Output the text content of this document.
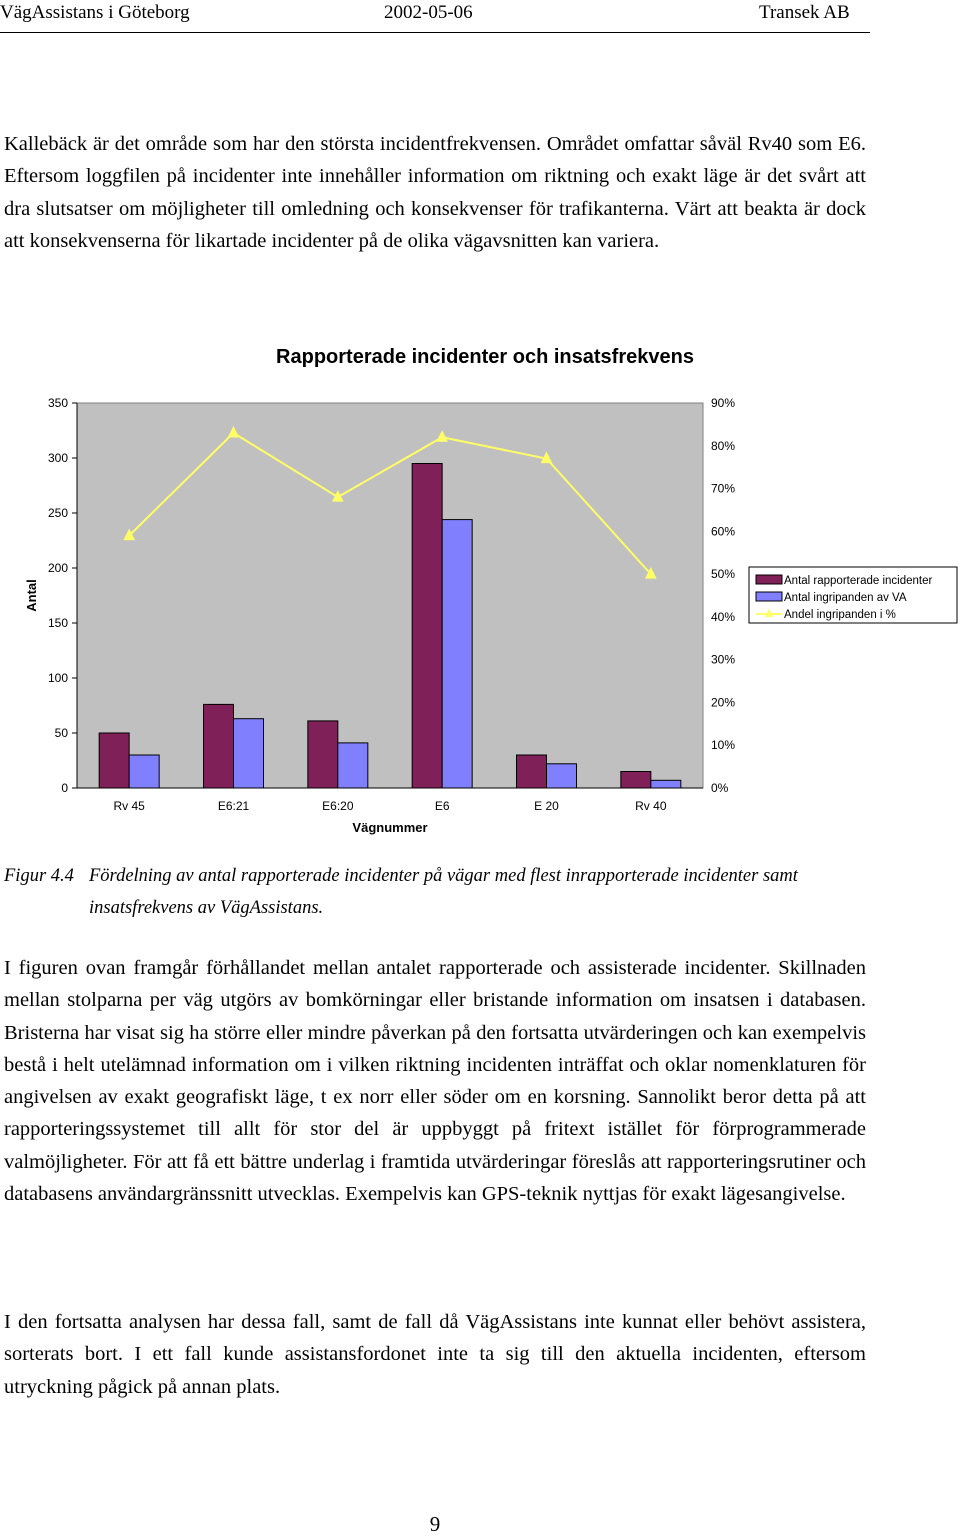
VägAssistans i Göteborg	2002-05-06	Transek AB

Kallebäck är det område som har den största incidentfrekvensen. Området omfattar såväl Rv40 som E6. Eftersom loggfilen på incidenter inte innehåller information om riktning och exakt läge är det svårt att dra slutsatser om möjligheter till omledning och konsekvenser för trafikanterna. Värt att beakta är dock att konsekvenserna för likartade incidenter på de olika vägavsnitten kan variera.

Rapporterade incidenter och insatsfrekvens
0
50
100
150
200
250
300
350
0%
10%
20%
30%
40%
50%
60%
70%
80%
90%
Antal
Rv 45	E6:21	E6:20	E6	E 20	Rv 40
Vägnummer
Antal rapporterade incidenter
Antal ingripanden av VA
Andel ingripanden i %
Figur 4.4 Fördelning av antal rapporterade incidenter på vägar med flest inrapporterade incidenter samt insatsfrekvens av VägAssistans.

I figuren ovan framgår förhållandet mellan antalet rapporterade och assisterade incidenter. Skillnaden mellan stolparna per väg utgörs av bomkörningar eller bristande information om insatsen i databasen. Bristerna har visat sig ha större eller mindre påverkan på den fortsatta utvärderingen och kan exempelvis bestå i helt utelämnad information om i vilken riktning incidenten inträffat och oklar nomenklaturen för angivelsen av exakt geografiskt läge, t ex norr eller söder om en korsning. Sannolikt beror detta på att rapporteringssystemet till allt för stor del är uppbyggt på fritext istället för förprogrammerade valmöjligheter. För att få ett bättre underlag i framtida utvärderingar föreslås att rapporteringsrutiner och databasens användargränssnitt utvecklas. Exempelvis kan GPS-teknik nyttjas för exakt lägesangivelse.

I den fortsatta analysen har dessa fall, samt de fall då VägAssistans inte kunnat eller behövt assistera, sorterats bort. I ett fall kunde assistansfordonet inte ta sig till den aktuella incidenten, eftersom utryckning pågick på annan plats.

9
